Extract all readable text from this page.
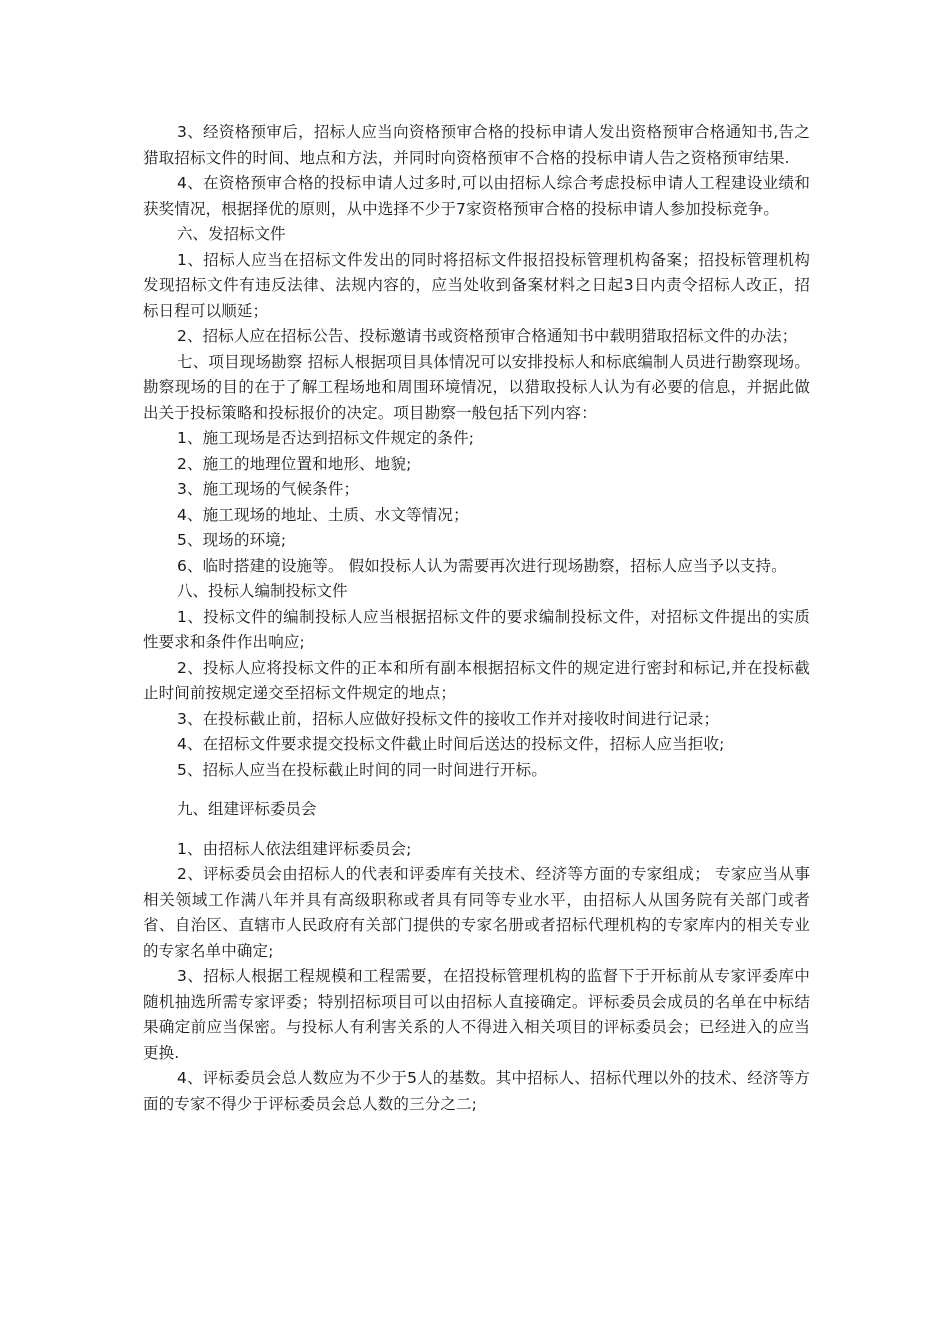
3、经资格预审后，招标人应当向资格预审合格的投标申请人发出资格预审合格通知书,告之猎取招标文件的时间、地点和方法，并同时向资格预审不合格的投标申请人告之资格预审结果.

4、在资格预审合格的投标申请人过多时,可以由招标人综合考虑投标申请人工程建设业绩和获奖情况，根据择优的原则，从中选择不少于7家资格预审合格的投标申请人参加投标竞争。

六、发招标文件

1、招标人应当在招标文件发出的同时将招标文件报招投标管理机构备案；招投标管理机构发现招标文件有违反法律、法规内容的，应当处收到备案材料之日起3日内责令招标人改正，招标日程可以顺延；

2、招标人应在招标公告、投标邀请书或资格预审合格通知书中载明猎取招标文件的办法；

七、项目现场勘察 招标人根据项目具体情况可以安排投标人和标底编制人员进行勘察现场。勘察现场的目的在于了解工程场地和周围环境情况，以猎取投标人认为有必要的信息，并据此做出关于投标策略和投标报价的决定。项目勘察一般包括下列内容：

1、施工现场是否达到招标文件规定的条件;

2、施工的地理位置和地形、地貌;

3、施工现场的气候条件；

4、施工现场的地址、土质、水文等情况；

5、现场的环境;

6、临时搭建的设施等。 假如投标人认为需要再次进行现场勘察，招标人应当予以支持。

八、投标人编制投标文件

1、投标文件的编制投标人应当根据招标文件的要求编制投标文件，对招标文件提出的实质性要求和条件作出响应;

2、投标人应将投标文件的正本和所有副本根据招标文件的规定进行密封和标记,并在投标截止时间前按规定递交至招标文件规定的地点；

3、在投标截止前，招标人应做好投标文件的接收工作并对接收时间进行记录；

4、在招标文件要求提交投标文件截止时间后送达的投标文件，招标人应当拒收;

5、招标人应当在投标截止时间的同一时间进行开标。

九、组建评标委员会

1、由招标人依法组建评标委员会;

2、评标委员会由招标人的代表和评委库有关技术、经济等方面的专家组成； 专家应当从事相关领域工作满八年并具有高级职称或者具有同等专业水平，由招标人从国务院有关部门或者省、自治区、直辖市人民政府有关部门提供的专家名册或者招标代理机构的专家库内的相关专业的专家名单中确定;

3、招标人根据工程规模和工程需要，在招投标管理机构的监督下于开标前从专家评委库中随机抽选所需专家评委；特别招标项目可以由招标人直接确定。评标委员会成员的名单在中标结果确定前应当保密。与投标人有利害关系的人不得进入相关项目的评标委员会；已经进入的应当更换.

4、评标委员会总人数应为不少于5人的基数。其中招标人、招标代理以外的技术、经济等方面的专家不得少于评标委员会总人数的三分之二;
